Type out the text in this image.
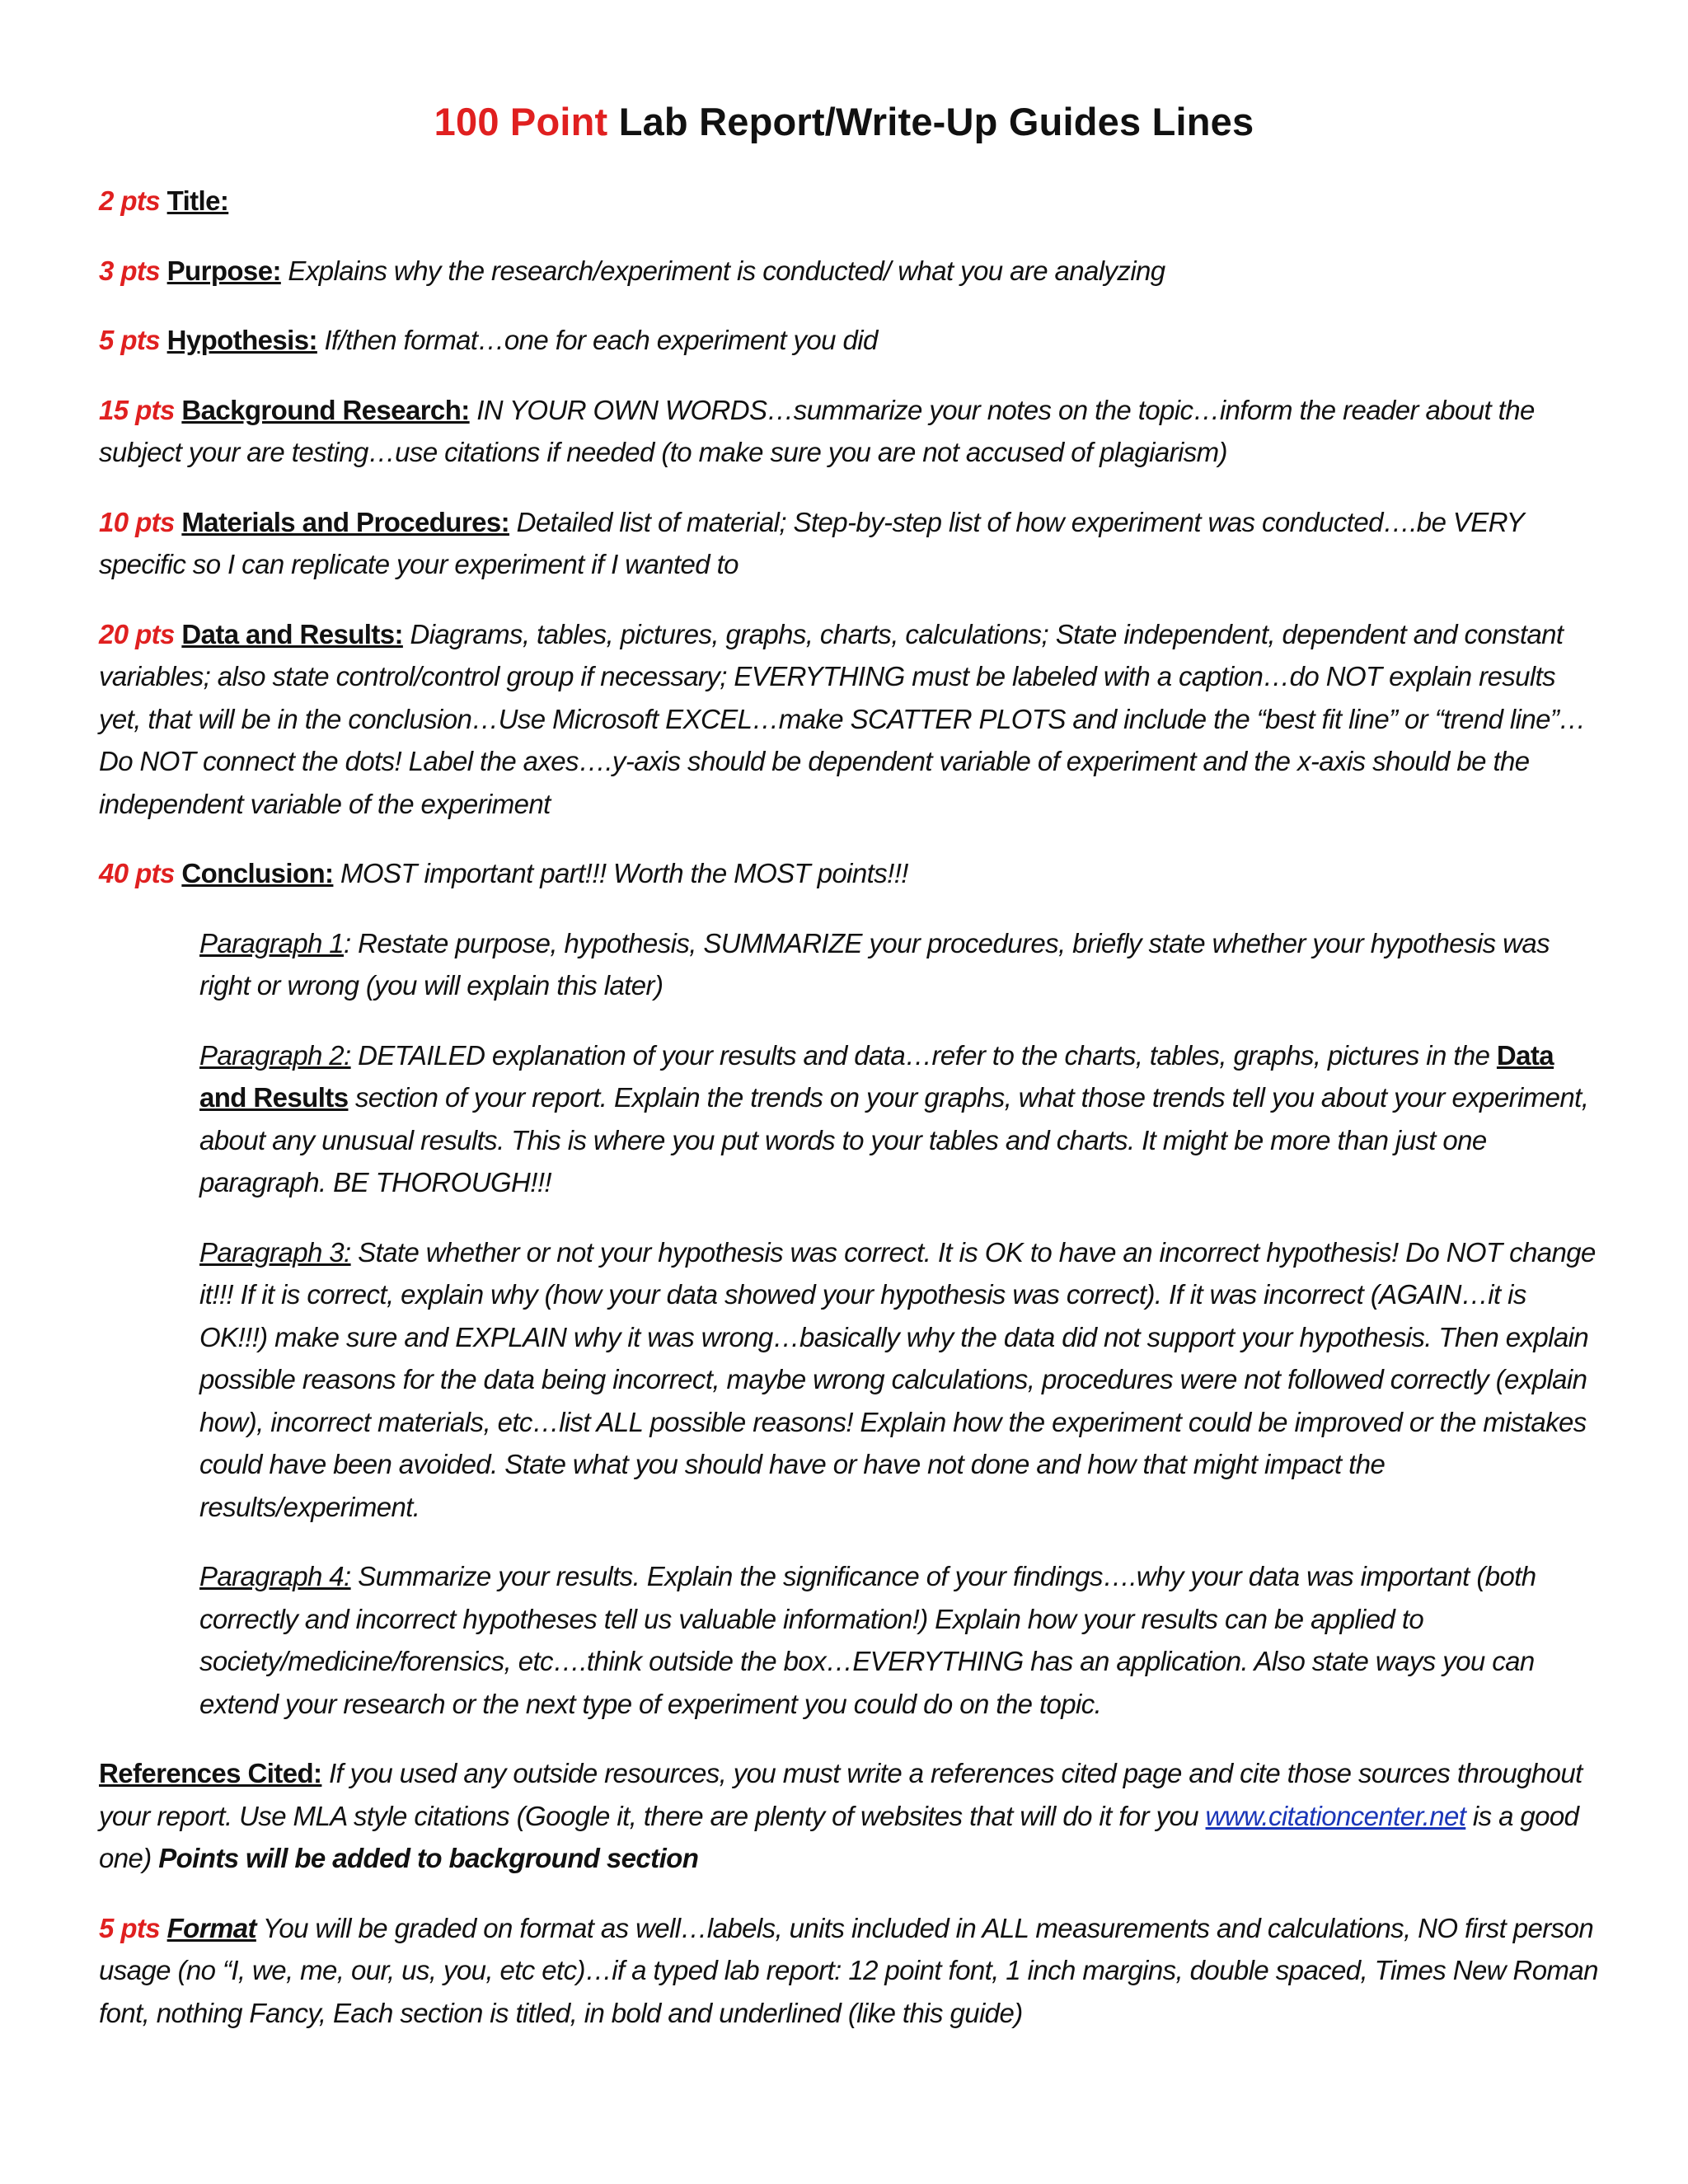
100 Point Lab Report/Write-Up Guides Lines

2 pts Title:

3 pts Purpose: Explains why the research/experiment is conducted/ what you are analyzing

5 pts Hypothesis: If/then format…one for each experiment you did

15 pts Background Research: IN YOUR OWN WORDS…summarize your notes on the topic…inform the reader about the subject your are testing…use citations if needed (to make sure you are not accused of plagiarism)

10 pts Materials and Procedures: Detailed list of material; Step-by-step list of how experiment was conducted….be VERY specific so I can replicate your experiment if I wanted to

20 pts Data and Results: Diagrams, tables, pictures, graphs, charts, calculations; State independent, dependent and constant variables; also state control/control group if necessary; EVERYTHING must be labeled with a caption…do NOT explain results yet, that will be in the conclusion…Use Microsoft EXCEL…make SCATTER PLOTS and include the “best fit line” or “trend line”…Do NOT connect the dots! Label the axes….y-axis should be dependent variable of experiment and the x-axis should be the independent variable of the experiment

40 pts Conclusion: MOST important part!!! Worth the MOST points!!!

Paragraph 1: Restate purpose, hypothesis, SUMMARIZE your procedures, briefly state whether your hypothesis was right or wrong (you will explain this later)

Paragraph 2: DETAILED explanation of your results and data…refer to the charts, tables, graphs, pictures in the Data and Results section of your report. Explain the trends on your graphs, what those trends tell you about your experiment, about any unusual results. This is where you put words to your tables and charts. It might be more than just one paragraph. BE THOROUGH!!!

Paragraph 3: State whether or not your hypothesis was correct. It is OK to have an incorrect hypothesis! Do NOT change it!!! If it is correct, explain why (how your data showed your hypothesis was correct). If it was incorrect (AGAIN…it is OK!!!) make sure and EXPLAIN why it was wrong…basically why the data did not support your hypothesis. Then explain possible reasons for the data being incorrect, maybe wrong calculations, procedures were not followed correctly (explain how), incorrect materials, etc…list ALL possible reasons! Explain how the experiment could be improved or the mistakes could have been avoided. State what you should have or have not done and how that might impact the results/experiment.

Paragraph 4: Summarize your results. Explain the significance of your findings….why your data was important (both correctly and incorrect hypotheses tell us valuable information!) Explain how your results can be applied to society/medicine/forensics, etc….think outside the box…EVERYTHING has an application. Also state ways you can extend your research or the next type of experiment you could do on the topic.

References Cited: If you used any outside resources, you must write a references cited page and cite those sources throughout your report. Use MLA style citations (Google it, there are plenty of websites that will do it for you www.citationcenter.net is a good one) Points will be added to background section

5 pts Format You will be graded on format as well…labels, units included in ALL measurements and calculations, NO first person usage (no “I, we, me, our, us, you, etc etc)…if a typed lab report: 12 point font, 1 inch margins, double spaced, Times New Roman font, nothing Fancy, Each section is titled, in bold and underlined (like this guide)
